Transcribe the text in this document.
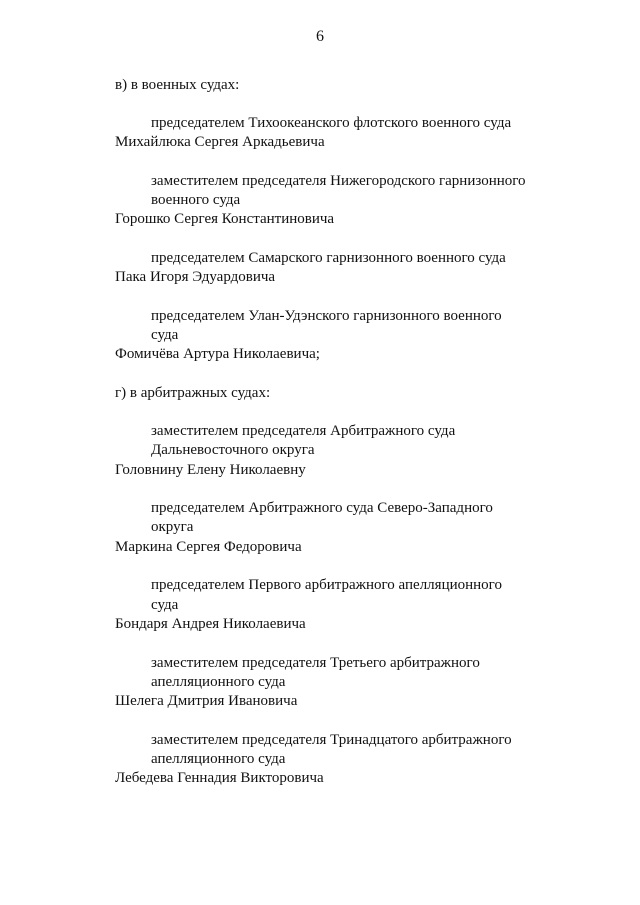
6
в) в военных судах:
председателем Тихоокеанского флотского военного суда
Михайлюка Сергея Аркадьевича
заместителем председателя Нижегородского гарнизонного
военного суда
Горошко Сергея Константиновича
председателем Самарского гарнизонного военного суда
Пака Игоря Эдуардовича
председателем Улан-Удэнского гарнизонного военного
суда
Фомичёва Артура Николаевича;
г) в арбитражных судах:
заместителем председателя Арбитражного суда
Дальневосточного округа
Головнину Елену Николаевну
председателем Арбитражного суда Северо-Западного
округа
Маркина Сергея Федоровича
председателем Первого арбитражного апелляционного
суда
Бондаря Андрея Николаевича
заместителем председателя Третьего арбитражного
апелляционного суда
Шелега Дмитрия Ивановича
заместителем председателя Тринадцатого арбитражного
апелляционного суда
Лебедева Геннадия Викторовича
